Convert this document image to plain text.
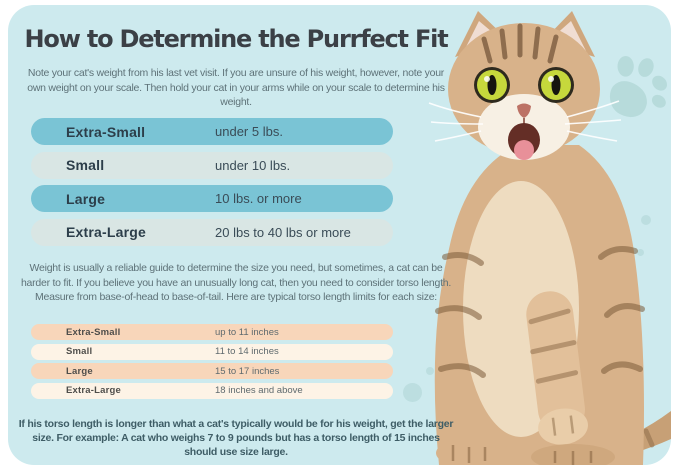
How to Determine the Purrfect Fit
Note your cat's weight from his last vet visit. If you are unsure of his weight, however, note your own weight on your scale. Then hold your cat in your arms while on your scale to determine his weight.
Extra-Small	under 5 lbs.
Small	under 10 lbs.
Large	10 lbs. or more
Extra-Large	20 lbs to 40 lbs or more
Weight is usually a reliable guide to determine the size you need, but sometimes, a cat can be harder to fit. If you believe you have an unusually long cat, then you need to consider torso length. Measure from base-of-head to base-of-tail. Here are typical torso length limits for each size:
Extra-Small	up to 11 inches
Small	11 to 14 inches
Large	15 to 17 inches
Extra-Large	18 inches and above
If his torso length is longer than what a cat's typically would be for his weight, get the larger size. For example: A cat who weighs 7 to 9 pounds but has a torso length of 15 inches should use size large.
